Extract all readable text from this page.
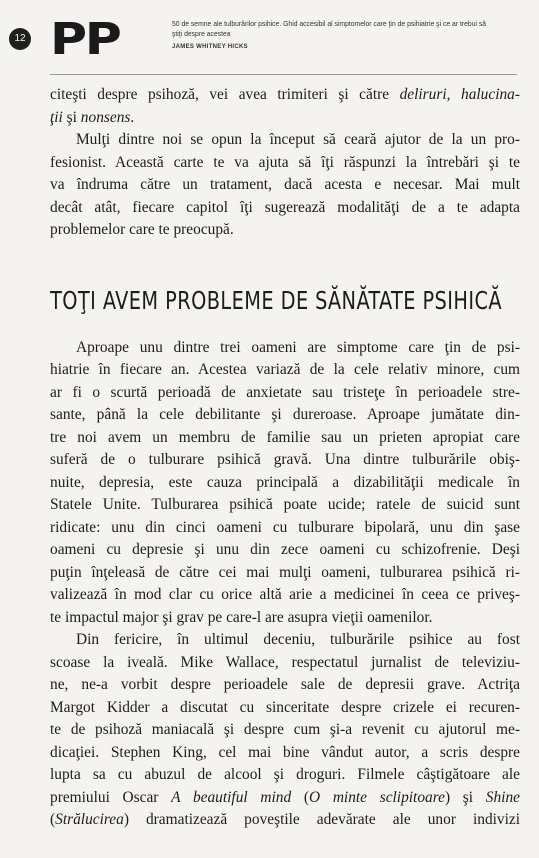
12 PP	50 de semne ale tulburărilor psihice. Ghid accesibil al simptomelor care ţin de psihiatrie şi ce ar trebui să ştiţi despre acestea
JAMES WHITNEY HICKS

citeşti despre psihoză, vei avea trimiteri şi către deliruri, halucina-
ţii şi nonsens.

Mulţi dintre noi se opun la început să ceară ajutor de la un pro-
fesionist. Această carte te va ajuta să îţi răspunzi la întrebări şi te
va îndruma către un tratament, dacă acesta e necesar. Mai mult
decât atât, fiecare capitol îţi sugerează modalităţi de a te adapta
problemelor care te preocupă.

TOŢI AVEM PROBLEME DE SĂNĂTATE PSIHICĂ

Aproape unu dintre trei oameni are simptome care ţin de psi-
hiatrie în fiecare an. Acestea variază de la cele relativ minore, cum
ar fi o scurtă perioadă de anxietate sau tristeţe în perioadele stre-
sante, până la cele debilitante şi dureroase. Aproape jumătate din-
tre noi avem un membru de familie sau un prieten apropiat care
suferă de o tulburare psihică gravă. Una dintre tulburările obiş-
nuite, depresia, este cauza principală a dizabilităţii medicale în
Statele Unite. Tulburarea psihică poate ucide; ratele de suicid sunt
ridicate: unu din cinci oameni cu tulburare bipolară, unu din şase
oameni cu depresie şi unu din zece oameni cu schizofrenie. Deşi
puţin înţeleasă de către cei mai mulţi oameni, tulburarea psihică ri-
valizează în mod clar cu orice altă arie a medicinei în ceea ce priveş-
te impactul major şi grav pe care-l are asupra vieţii oamenilor.

Din fericire, în ultimul deceniu, tulburările psihice au fost
scoase la iveală. Mike Wallace, respectatul jurnalist de televiziu-
ne, ne-a vorbit despre perioadele sale de depresii grave. Actriţa
Margot Kidder a discutat cu sinceritate despre crizele ei recuren-
te de psihoză maniacală şi despre cum şi-a revenit cu ajutorul me-
dicaţiei. Stephen King, cel mai bine vândut autor, a scris despre
lupta sa cu abuzul de alcool şi droguri. Filmele câştigătoare ale
premiului Oscar A beautiful mind (O minte sclipitoare) şi Shine
(Strălucirea) dramatizează poveştile adevărate ale unor indivizi
